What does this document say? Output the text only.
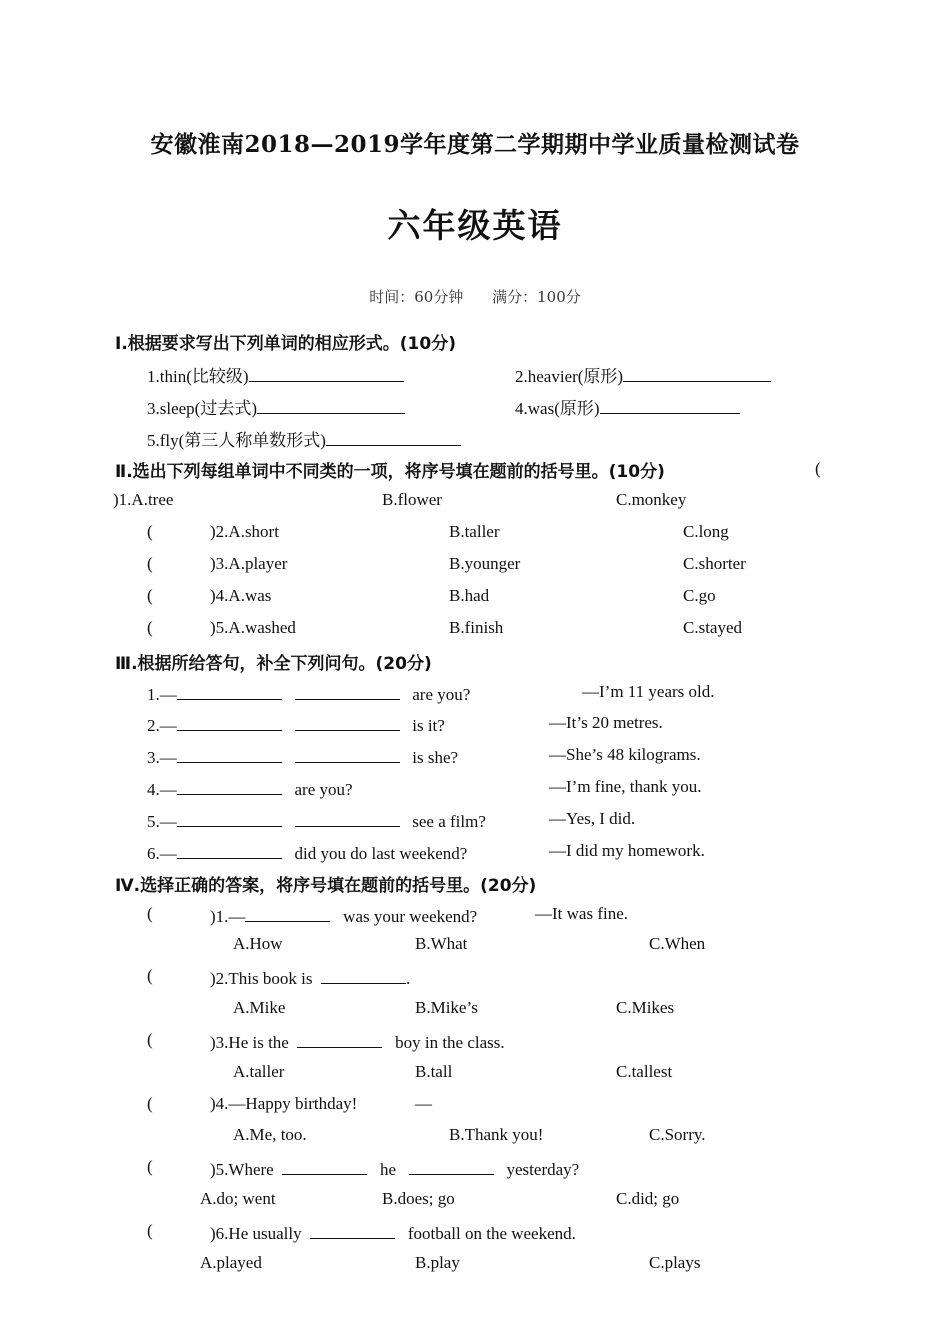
安徽淮南2018—2019学年度第二学期期中学业质量检测试卷
六年级英语
时间：60分钟 满分：100分
Ⅰ.根据要求写出下列单词的相应形式。(10分)
1.thin(比较级)	2.heavier(原形)
3.sleep(过去式)	4.was(原形)
5.fly(第三人称单数形式)
Ⅱ.选出下列每组单词中不同类的一项，将序号填在题前的括号里。(10分)	(
)1.A.tree	B.flower	C.monkey
(	)2.A.short	B.taller	C.long
(	)3.A.player	B.younger	C.shorter
(	)4.A.was	B.had	C.go
(	)5.A.washed	B.finish	C.stayed
Ⅲ.根据所给答句，补全下列问句。(20分)
1.—	are you?	—I’m 11 years old.
2.—	is it?	—It’s 20 metres.
3.—	is she?	—She’s 48 kilograms.
4.—	are you?	—I’m fine, thank you.
5.—	see a film?	—Yes, I did.
6.—	did you do last weekend?	—I did my homework.
Ⅳ.选择正确的答案，将序号填在题前的括号里。(20分)
(	)1.—	was your weekend?	—It was fine.
A.How	B.What	C.When
(	)2.This book is	.
A.Mike	B.Mike’s	C.Mikes
(	)3.He is the	boy in the class.
A.taller	B.tall	C.tallest
(	)4.—Happy birthday!	—
A.Me, too.	B.Thank you!	C.Sorry.
(	)5.Where	he	yesterday?
A.do; went	B.does; go	C.did; go
(	)6.He usually	football on the weekend.
A.played	B.play	C.plays
